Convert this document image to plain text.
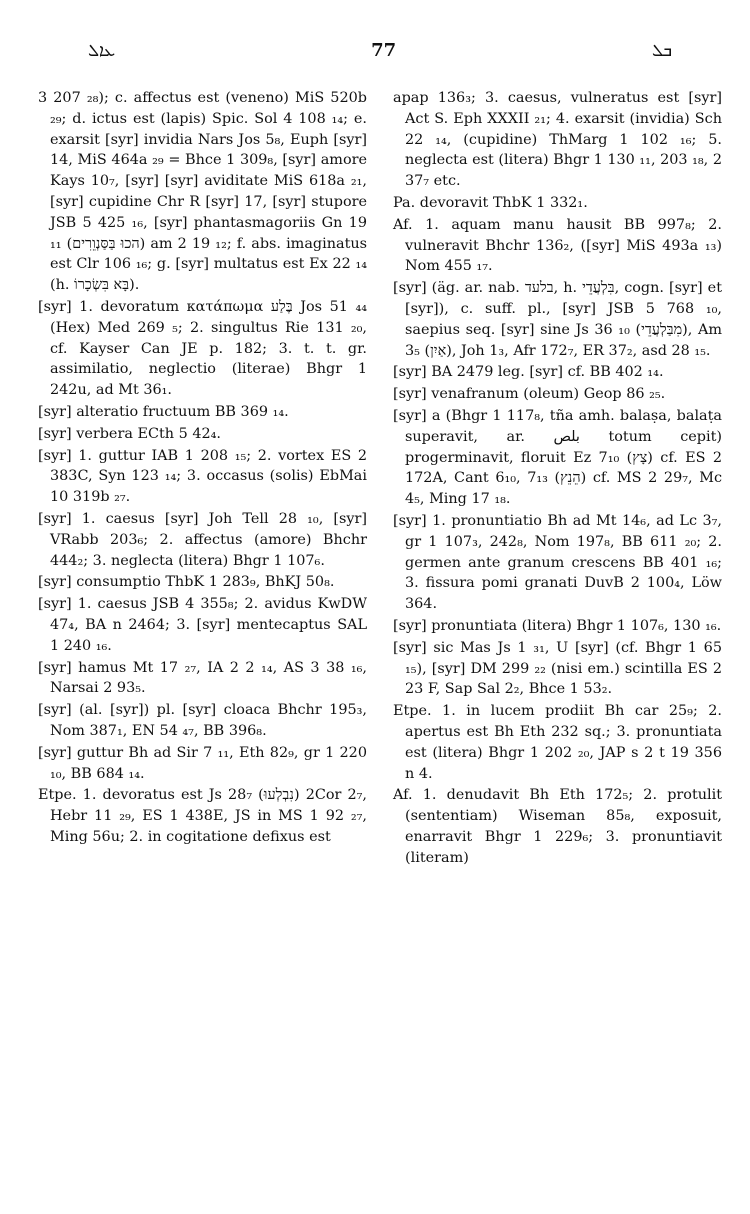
ܥܐܠ	77	ܒܠ

3 207 ₂₈); c. affectus est (veneno) MiS 520b ₂₉; d. ictus est (lapis) Spic. Sol 4 108 ₁₄; e. exarsit [syr] invidia Nars Jos 5₈, Euph [syr] 14, MiS 464a ₂₉ = Bhce 1 309₈, [syr] amore Kays 10₇, [syr] [syr] aviditate MiS 618a ₂₁, [syr] cupidine Chr R [syr] 17, [syr] stupore JSB 5 425 ₁₆, [syr] phantasmagoriis Gn 19 ₁₁ (הכוּ בַּסַּנְוֵרִים) am 2 19 ₁₂; f. abs. imaginatus est Clr 106 ₁₆; g. [syr] multatus est Ex 22 ₁₄ (h. בָּא בִּשְׂכָרוֹ).

[syr] 1. devoratum κατάπωμα בֶּלַע Jos 51 ₄₄ (Hex) Med 269 ₅; 2. singultus Rie 131 ₂₀, cf. Kayser Can JE p. 182; 3. t. t. gr. assimilatio, neglectio (literae) Bhgr 1 242u, ad Mt 36₁.

[syr] alteratio fructuum BB 369 ₁₄.

[syr] verbera ECth 5 42₄.

[syr] 1. guttur IAB 1 208 ₁₅; 2. vortex ES 2 383C, Syn 123 ₁₄; 3. occasus (solis) EbMai 10 319b ₂₇.

[syr] 1. caesus [syr] Joh Tell 28 ₁₀, [syr] VRabb 203₆; 2. affectus (amore) Bhchr 444₂; 3. neglecta (litera) Bhgr 1 107₆.

[syr] consumptio ThbK 1 283₉, BhKJ 50₈.

[syr] 1. caesus JSB 4 355₈; 2. avidus KwDW 47₄, BA n 2464; 3. [syr] mentecaptus SAL 1 240 ₁₆.

[syr] hamus Mt 17 ₂₇, IA 2 2 ₁₄, AS 3 38 ₁₆, Narsai 2 93₅.

[syr] (al. [syr]) pl. [syr] cloaca Bhchr 195₃, Nom 387₁, EN 54 ₄₇, BB 396₈.

[syr] guttur Bh ad Sir 7 ₁₁, Eth 82₉, gr 1 220 ₁₀, BB 684 ₁₄.

Etpe. 1. devoratus est Js 28₇ (נִבְלְעוּ) 2Cor 2₇, Hebr 11 ₂₉, ES 1 438E, JS in MS 1 92 ₂₇, Ming 56u; 2. in cogitatione defixus est

apap 136₃; 3. caesus, vulneratus est [syr] Act S. Eph XXXII ₂₁; 4. exarsit (invidia) Sch 22 ₁₄, (cupidine) ThMarg 1 102 ₁₆; 5. neglecta est (litera) Bhgr 1 130 ₁₁, 203 ₁₈, 2 37₇ etc.

Pa. devoravit ThbK 1 332₁.

Af. 1. aquam manu hausit BB 997₈; 2. vulneravit Bhchr 136₂, ([syr] MiS 493a ₁₃) Nom 455 ₁₇.

[syr] (äg. ar. nab. בלעד, h. בִּלְעֲדֵי, cogn. [syr] et [syr]), c. suff. pl., [syr] JSB 5 768 ₁₀, saepius seq. [syr] sine Js 36 ₁₀ (מִבַּלְעֲדֵי), Am 3₅ (אַיִן), Joh 1₃, Afr 172₇, ER 37₂, asd 28 ₁₅.

[syr] BA 2479 leg. [syr] cf. BB 402 ₁₄.

[syr] venafranum (oleum) Geop 86 ₂₅.

[syr] a (Bhgr 1 117₈, tña amh. balaṣa, balaṭa superavit, ar. بلص totum cepit) progerminavit, floruit Ez 7₁₀ (צָץ) cf. ES 2 172A, Cant 6₁₀, 7₁₃ (הֵנֵץ) cf. MS 2 29₇, Mc 4₅, Ming 17 ₁₈.

[syr] 1. pronuntiatio Bh ad Mt 14₆, ad Lc 3₇, gr 1 107₃, 242₈, Nom 197₈, BB 611 ₂₀; 2. germen ante granum crescens BB 401 ₁₆; 3. fissura pomi granati DuvB 2 100₄, Löw 364.

[syr] pronuntiata (litera) Bhgr 1 107₆, 130 ₁₆.

[syr] sic Mas Js 1 ₃₁, U [syr] (cf. Bhgr 1 65 ₁₅), [syr] DM 299 ₂₂ (nisi em.) scintilla ES 2 23 F, Sap Sal 2₂, Bhce 1 53₂.

Etpe. 1. in lucem prodiit Bh car 25₉; 2. apertus est Bh Eth 232 sq.; 3. pronuntiata est (litera) Bhgr 1 202 ₂₀, JAP s 2 t 19 356 n 4.

Af. 1. denudavit Bh Eth 172₅; 2. protulit (sententiam) Wiseman 85₈, exposuit, enarravit Bhgr 1 229₆; 3. pronuntiavit (literam)
